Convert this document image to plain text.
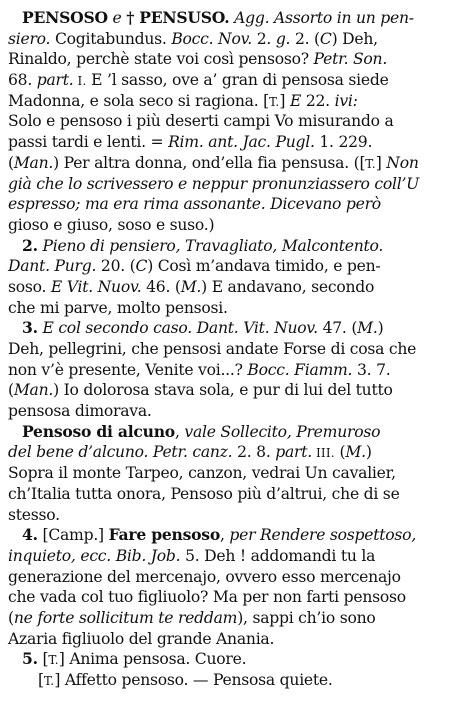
PENSOSO e † PENSUSO. Agg. Assorto in un pen-
siero. Cogitabundus. Bocc. Nov. 2. g. 2. (C) Deh,
Rinaldo, perchè state voi così pensoso? Petr. Son.
68. part. I. E ’l sasso, ove a’ gran di pensosa siede
Madonna, e sola seco si ragiona. [T.] E 22. ivi:
Solo e pensoso i più deserti campi Vo misurando a
passi tardi e lenti. = Rim. ant. Jac. Pugl. 1. 229.
(Man.) Per altra donna, ond’ella fia pensusa. ([T.] Non
già che lo scrivessero e neppur pronunziassero coll’U
espresso; ma era rima assonante. Dicevano però
gioso e giuso, soso e suso.)
2. Pieno di pensiero, Travagliato, Malcontento.
Dant. Purg. 20. (C) Così m’andava timido, e pen-
soso. E Vit. Nuov. 46. (M.) E andavano, secondo
che mi parve, molto pensosi.
3. E col secondo caso. Dant. Vit. Nuov. 47. (M.)
Deh, pellegrini, che pensosi andate Forse di cosa che
non v’è presente, Venite voi...? Bocc. Fiamm. 3. 7.
(Man.) Io dolorosa stava sola, e pur di lui del tutto
pensosa dimorava.
Pensoso di alcuno, vale Sollecito, Premuroso
del bene d’alcuno. Petr. canz. 2. 8. part. III. (M.)
Sopra il monte Tarpeo, canzon, vedrai Un cavalier,
ch’Italia tutta onora, Pensoso più d’altrui, che di se
stesso.
4. [Camp.] Fare pensoso, per Rendere sospettoso,
inquieto, ecc. Bib. Job. 5. Deh ! addomandi tu la
generazione del mercenajo, ovvero esso mercenajo
che vada col tuo figliuolo? Ma per non farti pensoso
(ne forte sollicitum te reddam), sappi ch’io sono
Azaria figliuolo del grande Anania.
5. [T.] Anima pensosa. Cuore.
[T.] Affetto pensoso. — Pensosa quiete.
